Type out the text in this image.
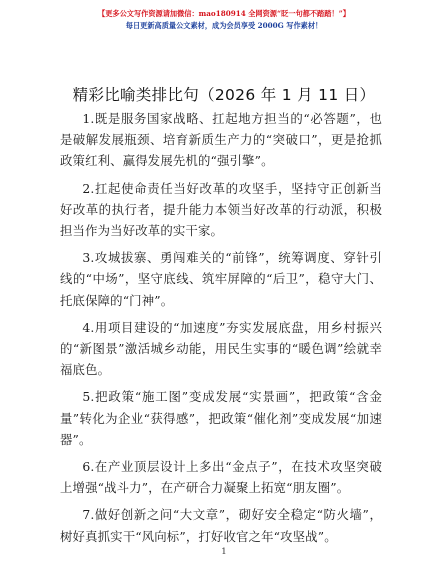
【更多公文写作资源请加微信：mao180914 全网资源“眨一句都不踏踏！”】
每日更新高质量公文素材，成为会员享受 2000G 写作素材！
精彩比喻类排比句（2026 年 1 月 11 日）

1.既是服务国家战略、扛起地方担当的“必答题”，也是破解发展瓶颈、培育新质生产力的“突破口”，更是抢抓政策红利、赢得发展先机的“强引擎”。

2.扛起使命责任当好改革的攻坚手，坚持守正创新当好改革的执行者，提升能力本领当好改革的行动派，积极担当作为当好改革的实干家。

3.攻城拔寨、勇闯难关的“前锋”，统筹调度、穿针引线的“中场”，坚守底线、筑牢屏障的“后卫”，稳守大门、托底保障的“门神”。

4.用项目建设的“加速度”夯实发展底盘，用乡村振兴的“新图景”激活城乡动能，用民生实事的“暖色调”绘就幸福底色。

5.把政策“施工图”变成发展“实景画”，把政策“含金量”转化为企业“获得感”，把政策“催化剂”变成发展“加速器”。

6.在产业顶层设计上多出“金点子”，在技术攻坚突破上增强“战斗力”，在产研合力凝聚上拓宽“朋友圈”。

7.做好创新之问“大文章”，砌好安全稳定“防火墙”，树好真抓实干“风向标”，打好收官之年“攻坚战”。

1
